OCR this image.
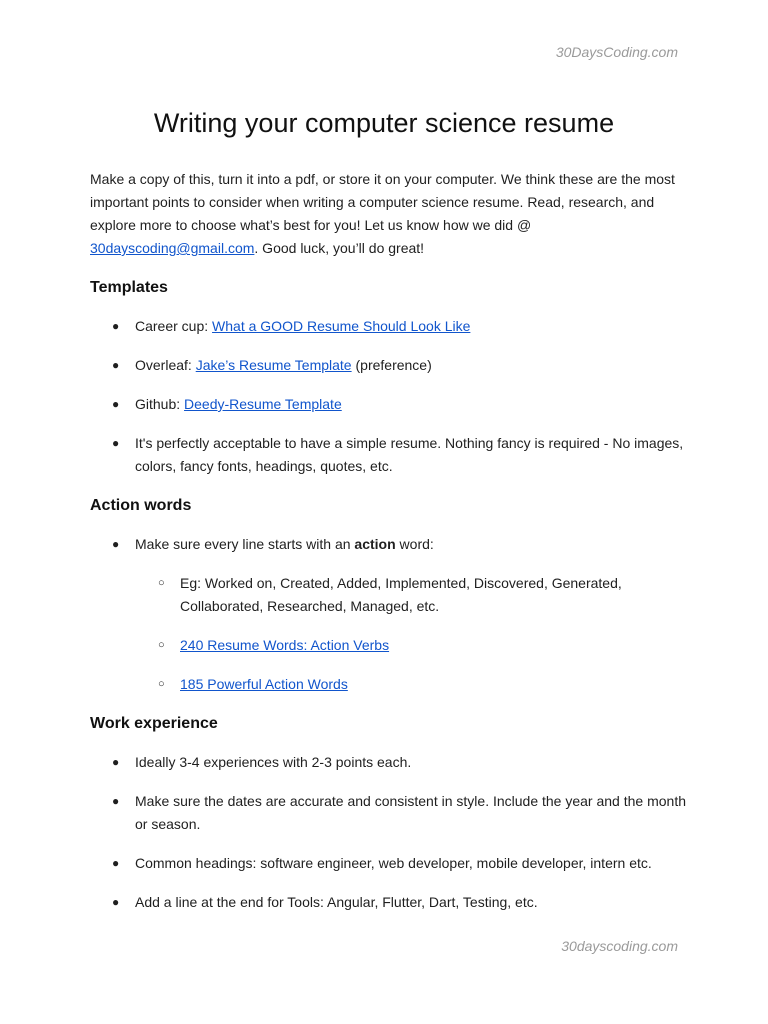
30DaysCoding.com
Writing your computer science resume

Make a copy of this, turn it into a pdf, or store it on your computer. We think these are the most important points to consider when writing a computer science resume. Read, research, and explore more to choose what’s best for you! Let us know how we did @ 30dayscoding@gmail.com. Good luck, you’ll do great!

Templates
● Career cup: What a GOOD Resume Should Look Like
● Overleaf: Jake’s Resume Template (preference)
● Github: Deedy-Resume Template
● It's perfectly acceptable to have a simple resume. Nothing fancy is required - No images, colors, fancy fonts, headings, quotes, etc.
Action words
● Make sure every line starts with an action word:
○ Eg: Worked on, Created, Added, Implemented, Discovered, Generated, Collaborated, Researched, Managed, etc.
○ 240 Resume Words: Action Verbs
○ 185 Powerful Action Words
Work experience
● Ideally 3-4 experiences with 2-3 points each.
● Make sure the dates are accurate and consistent in style. Include the year and the month or season.
● Common headings: software engineer, web developer, mobile developer, intern etc.
● Add a line at the end for Tools: Angular, Flutter, Dart, Testing, etc.
30dayscoding.com
